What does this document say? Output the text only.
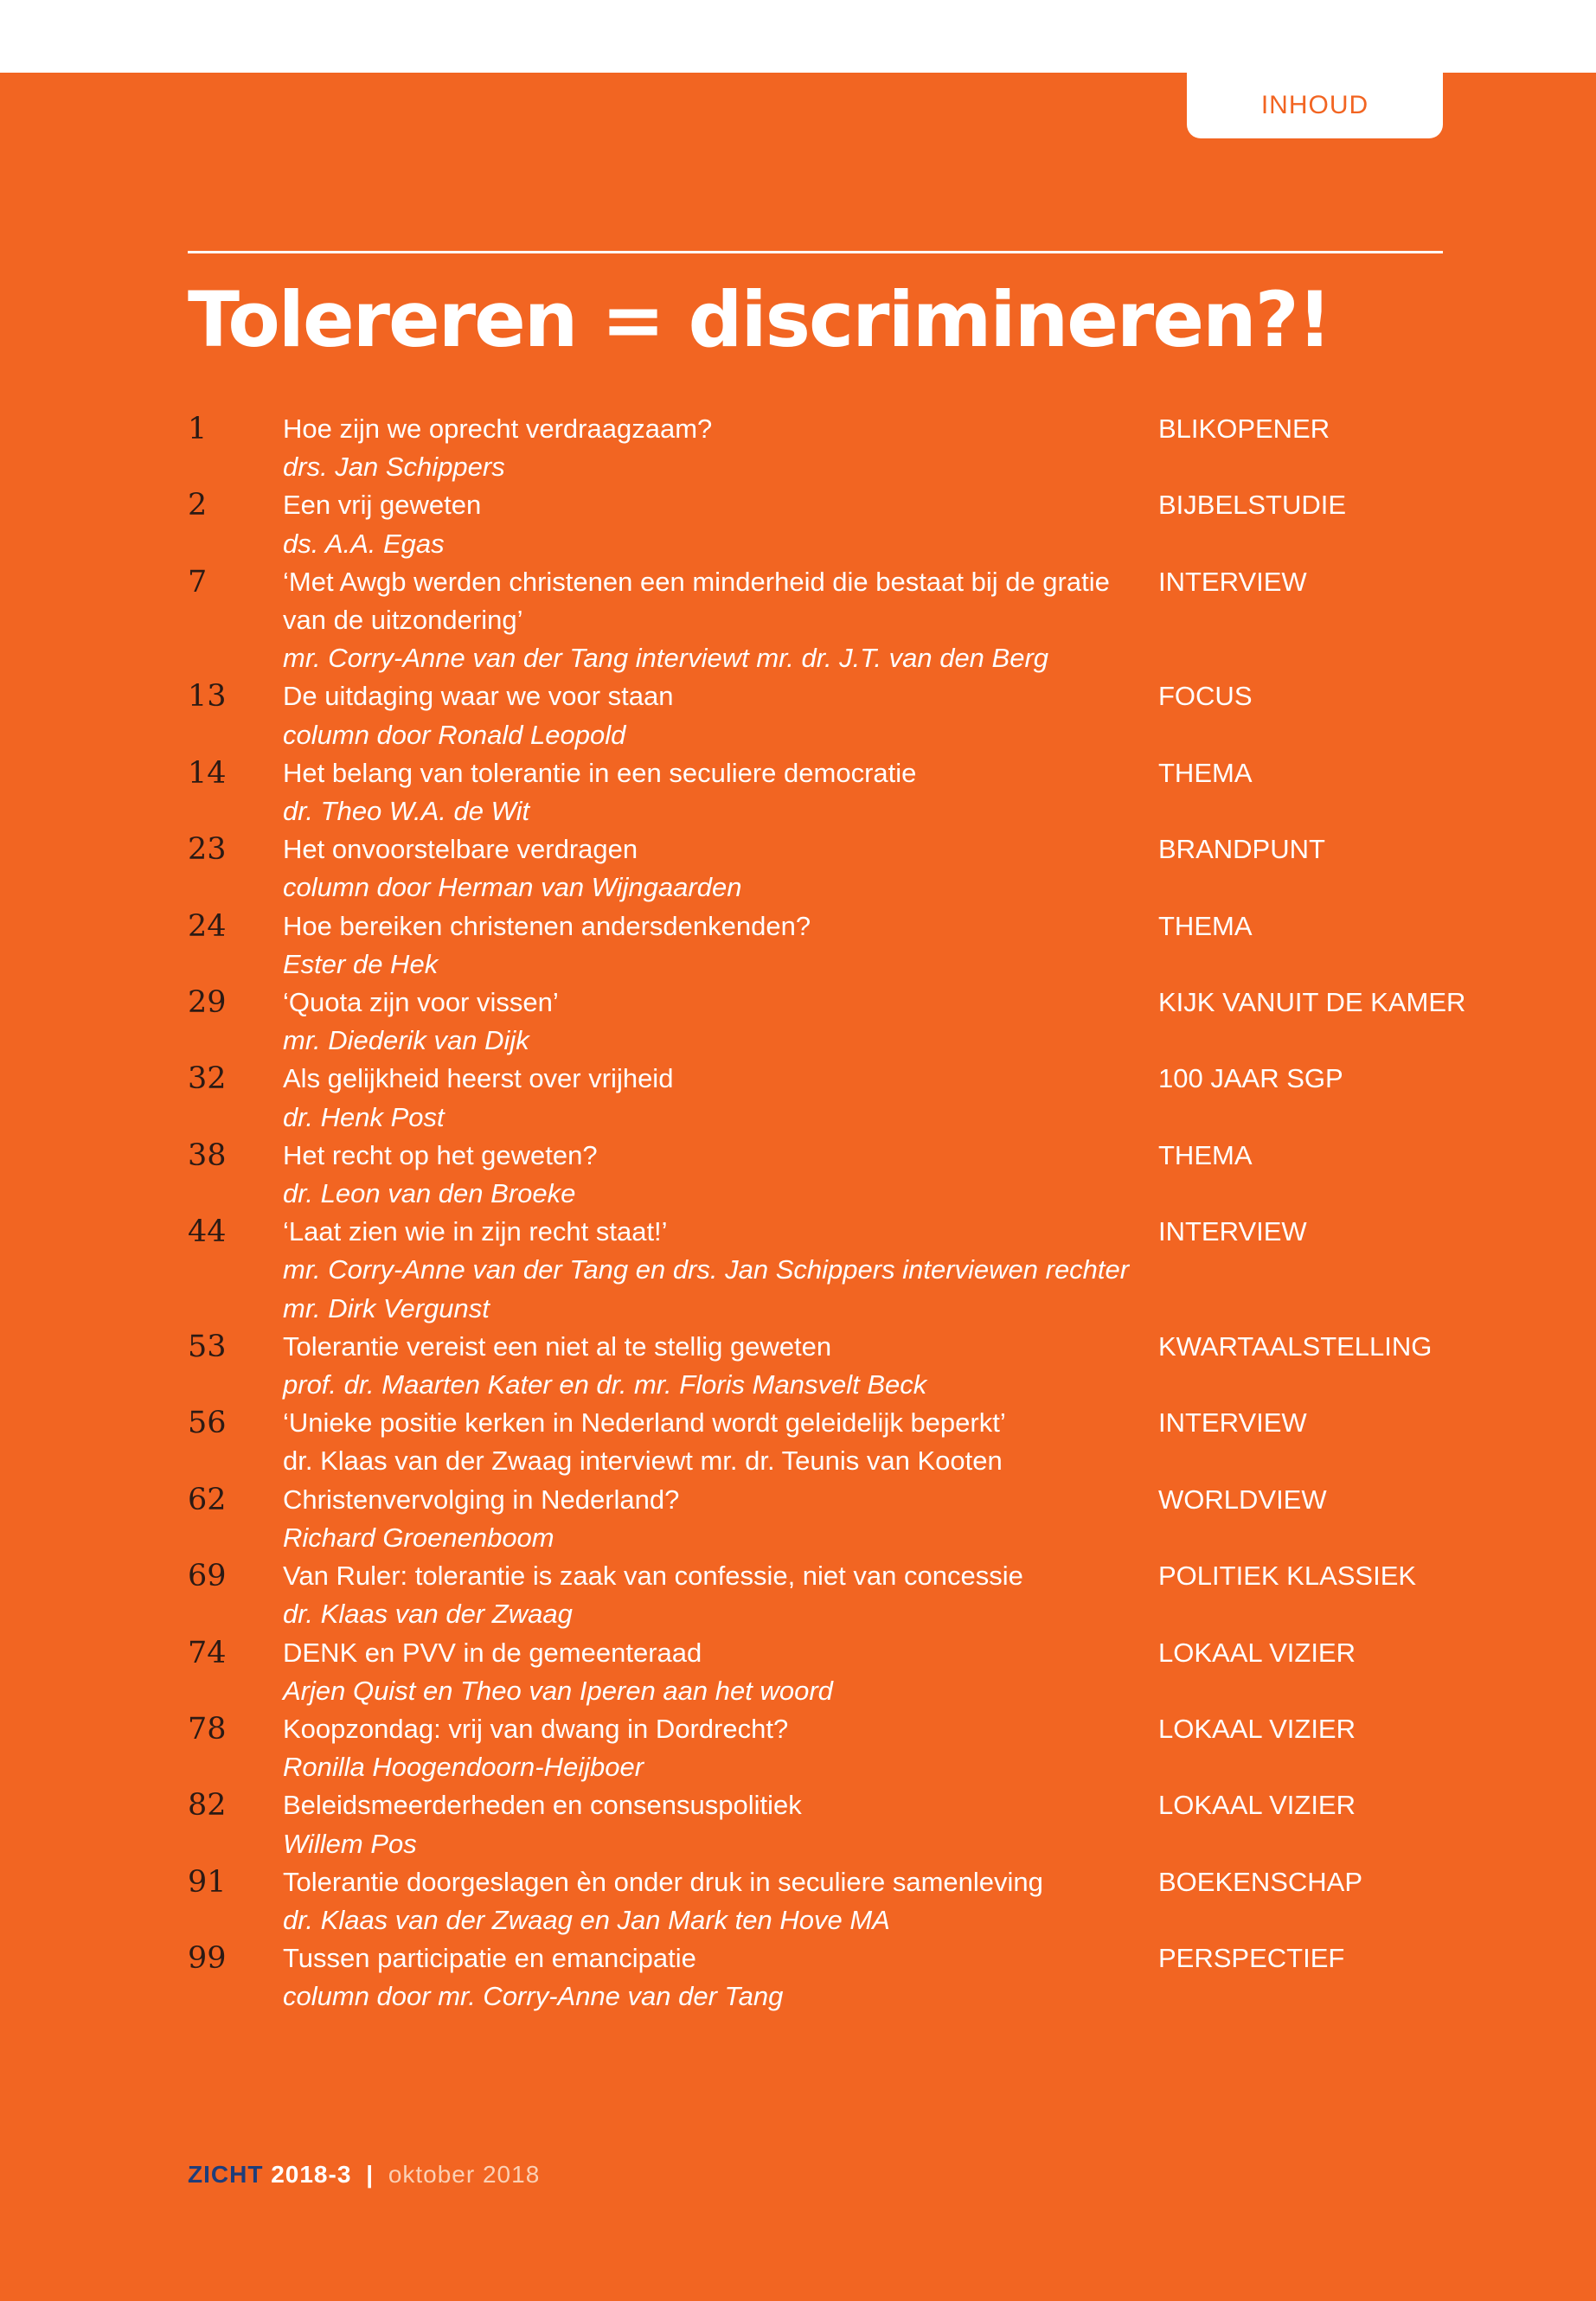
INHOUD
Tolereren = discrimineren?!
1	Hoe zijn we oprecht verdraagzaam?
drs. Jan Schippers
BLIKOPENER
2	Een vrij geweten
ds. A.A. Egas
BIJBELSTUDIE
7	‘Met Awgb werden christenen een minderheid die bestaat bij de gratie van de uitzondering’
mr. Corry-Anne van der Tang interviewt mr. dr. J.T. van den Berg
INTERVIEW
13	De uitdaging waar we voor staan
column door Ronald Leopold
FOCUS
14	Het belang van tolerantie in een seculiere democratie
dr. Theo W.A. de Wit
THEMA
23	Het onvoorstelbare verdragen
column door Herman van Wijngaarden
BRANDPUNT
24	Hoe bereiken christenen andersdenkenden?
Ester de Hek
THEMA
29	‘Quota zijn voor vissen’
mr. Diederik van Dijk
KIJK VANUIT DE KAMER
32	Als gelijkheid heerst over vrijheid
dr. Henk Post
100 JAAR SGP
38	Het recht op het geweten?
dr. Leon van den Broeke
THEMA
44	‘Laat zien wie in zijn recht staat!’
mr. Corry-Anne van der Tang en drs. Jan Schippers interviewen rechter mr. Dirk Vergunst
INTERVIEW
53	Tolerantie vereist een niet al te stellig geweten
prof. dr. Maarten Kater en dr. mr. Floris Mansvelt Beck
KWARTAALSTELLING
56	‘Unieke positie kerken in Nederland wordt geleidelijk beperkt’
dr. Klaas van der Zwaag interviewt mr. dr. Teunis van Kooten
INTERVIEW
62	Christenvervolging in Nederland?
Richard Groenenboom
WORLDVIEW
69	Van Ruler: tolerantie is zaak van confessie, niet van concessie
dr. Klaas van der Zwaag
POLITIEK KLASSIEK
74	DENK en PVV in de gemeenteraad
Arjen Quist en Theo van Iperen aan het woord
LOKAAL VIZIER
78	Koopzondag: vrij van dwang in Dordrecht?
Ronilla Hoogendoorn-Heijboer
LOKAAL VIZIER
82	Beleidsmeerderheden en consensuspolitiek
Willem Pos
LOKAAL VIZIER
91	Tolerantie doorgeslagen èn onder druk in seculiere samenleving
dr. Klaas van der Zwaag en Jan Mark ten Hove MA
BOEKENSCHAP
99	Tussen participatie en emancipatie
column door mr. Corry-Anne van der Tang
PERSPECTIEF
ZICHT 2018-3 | oktober 2018
